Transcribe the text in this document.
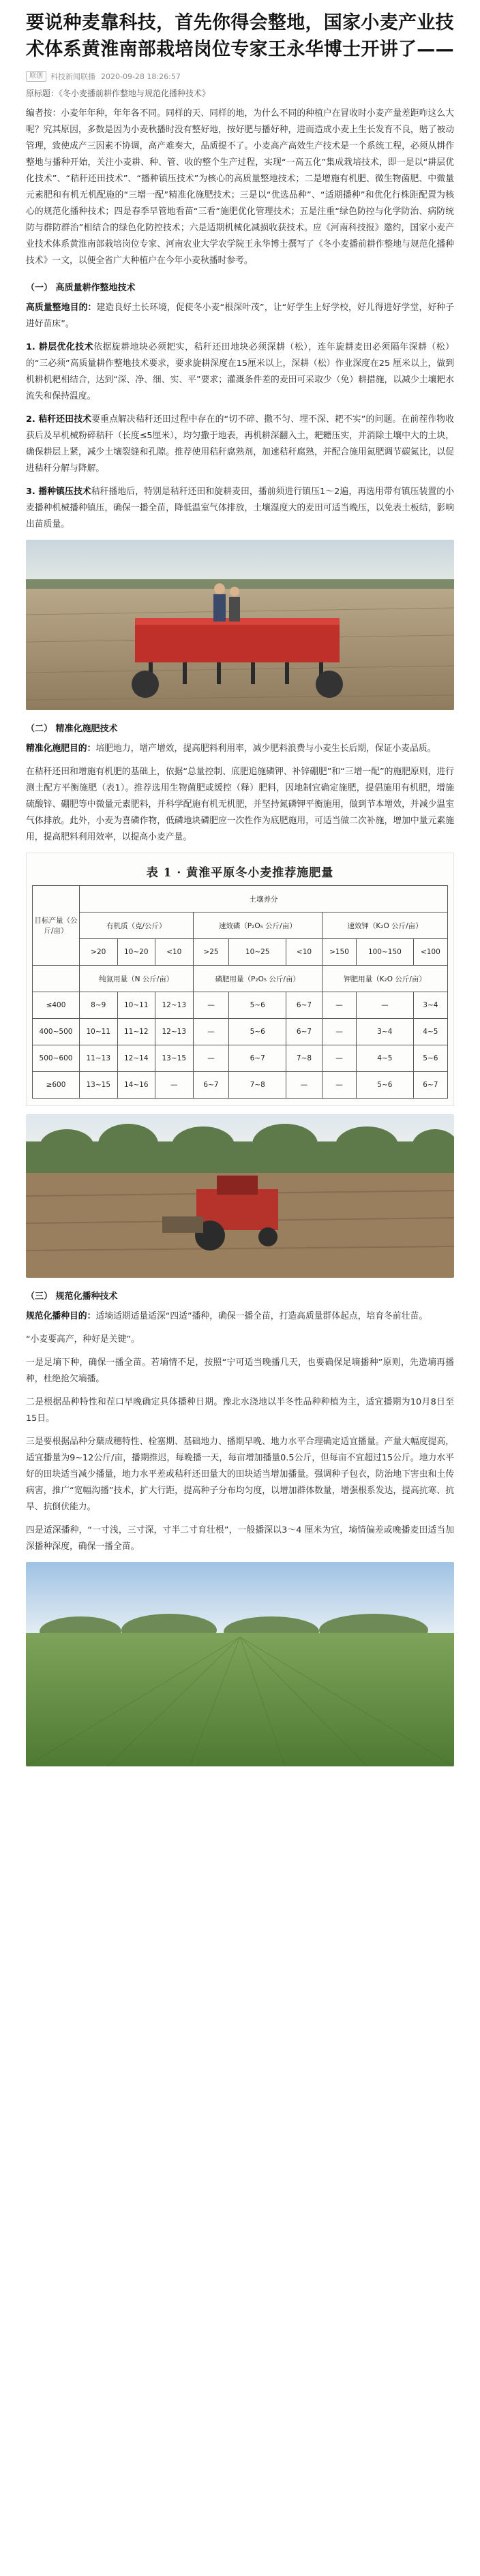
要说种麦靠科技，首先你得会整地，国家小麦产业技术体系黄淮南部栽培岗位专家王永华博士开讲了——
原创	科技新闻联播 2020-09-28 18:26:57
原标题：《冬小麦播前耕作整地与规范化播种技术》

编者按：小麦年年种，年年各不同。同样的天、同样的地，为什么不同的种植户在冒收时小麦产量差距咋这么大呢？究其原因，多数是因为小麦秋播时没有整好地，按好肥与播好种，进而造成小麦上生长发育不良，赔了被动管理，致使成产三因素不协调，高产难奏大，品质提不了。小麦高产高效生产技术是一个系统工程，必须从耕作整地与播种开始，关注小麦耕、种、管、收的整个生产过程，实现“一高五化”集成栽培技术，即一是以“耕层优化技术”、“秸秆还田技术”、“播种镇压技术”为核心的高质量整地技术；二是增施有机肥、微生物菌肥、中微量元素肥和有机无机配施的“三增一配”精准化施肥技术；三是以“优选品种”、“适期播种”和优化行株距配置为核心的规范化播种技术；四是春季早管地看苗“三看”施肥优化管理技术；五是注重“绿色防控与化学防治、病防统防与群防群治”相结合的绿色化防控技术；六是适期机械化减损收获技术。应《河南科技报》邀约，国家小麦产业技术体系黄淮南部栽培岗位专家、河南农业大学农学院王永华博士撰写了《冬小麦播前耕作整地与规范化播种技术》一文，以便全省广大种植户在今年小麦秋播时参考。

（一） 高质量耕作整地技术

高质量整地目的：建造良好土长环境，促使冬小麦“根深叶茂”，让“好学生上好学校，好儿得进好学堂，好种子进好苗床”。

1. 耕层优化技术依据旋耕地块必须耙实，秸秆还田地块必须深耕（松），连年旋耕麦田必须隔年深耕（松）的“三必须”高质量耕作整地技术要求，要求旋耕深度在15厘米以上，深耕（松）作业深度在25 厘米以上，做到机耕机耙相结合，达到“深、净、细、实、平”要求；灌溉条件差的麦田可采取少（免）耕措施，以减少土壤耙水流失和保持温度。

2. 秸秆还田技术要重点解决秸秆还田过程中存在的“切不碎、撒不匀、埋不深、耙不实”的问题。在前茬作物收获后及早机械粉碎秸秆（长度≤5厘米），均匀撒于地表，再机耕深翻入土，耙耱压实，并消除土壤中大的土块，确保耕层上紧，减少土壤裂缝和孔隙。推荐使用秸秆腐熟剂，加速秸秆腐熟，并配合施用氮肥调节碳氮比，以促进秸秆分解与降解。

3. 播种镇压技术秸秆播地后，特别是秸秆还田和旋耕麦田，播前须进行镇压1～2遍，再选用带有镇压装置的小麦播种机械播种镇压，确保一播全苗，降低温室气体排放，土壤湿度大的麦田可适当晚压，以免表土板结，影响出苗质量。

（二） 精准化施肥技术

精准化施肥目的：培肥地力，增产增效，提高肥料利用率，减少肥料浪费与小麦生长后期，保证小麦品质。

在秸秆还田和增施有机肥的基础上，依据“总量控制、底肥追施磷钾、补锌硼肥”和“三增一配”的施肥原则，进行测土配方平衡施肥（表1）。推荐选用生物菌肥或缓控（释）肥料，因地制宜确定施肥，提倡施用有机肥，增施硫酸锌、硼肥等中微量元素肥料，并科学配施有机无机肥，并坚持氮磷钾平衡施用，做到节本增效，并减少温室气体排放。此外，小麦为喜磷作物，低磷地块磷肥应一次性作为底肥施用，可适当做二次补施，增加中量元素施用，提高肥料利用效率，以提高小麦产量。

表 1 · 黄淮平原冬小麦推荐施肥量
目标产量（公斤/亩）	土壤养分								
	有机质（克/公斤）			速效磷（P₂O₅ 公斤/亩）			速效钾（K₂O 公斤/亩）		
	>20	10~20	<10	>25	10~25	<10	>150	100~150	<100
	纯氮用量（N 公斤/亩）			磷肥用量（P₂O₅ 公斤/亩）			钾肥用量（K₂O 公斤/亩）		
≤400	8~9	10~11	12~13	—	5~6	6~7	—	—	3~4
400~500	10~11	11~12	12~13	—	5~6	6~7	—	3~4	4~5
500~600	11~13	12~14	13~15	—	6~7	7~8	—	4~5	5~6
≥600	13~15	14~16	—	6~7	7~8	—	—	5~6	6~7
（三） 规范化播种技术

规范化播种目的：适墒适期适量适深“四适”播种，确保一播全苗，打造高质量群体起点，培育冬前壮苗。

“小麦要高产，种好是关键”。

一是足墒下种，确保一播全苗。若墒情不足，按照“宁可适当晚播几天，也要确保足墒播种”原则，先造墒再播种，杜绝抢欠墒播。

二是根据品种特性和茬口早晚确定具体播种日期。豫北水浇地以半冬性品种种植为主，适宜播期为10月8日至15日。

三是要根据品种分蘖成穗特性、栓塞期、基础地力、播期早晚、地力水平合理确定适宜播量。产量大幅度提高，适宜播量为9~12公斤/亩，播期推迟，每晚播一天，每亩增加播量0.5公斤，但每亩不宜超过15公斤。地力水平好的田块适当减少播量，地力水平差或秸秆还田量大的田块适当增加播量。强调种子包衣，防治地下害虫和土传病害，推广“宽幅沟播”技术，扩大行距，提高种子分布均匀度，以增加群体数量，增强根系发达，提高抗寒、抗旱、抗倒伏能力。

四是适深播种，“一寸浅，三寸深，寸半二寸育壮根”，一般播深以3～4 厘米为宜，墒情偏差或晚播麦田适当加深播种深度，确保一播全苗。
